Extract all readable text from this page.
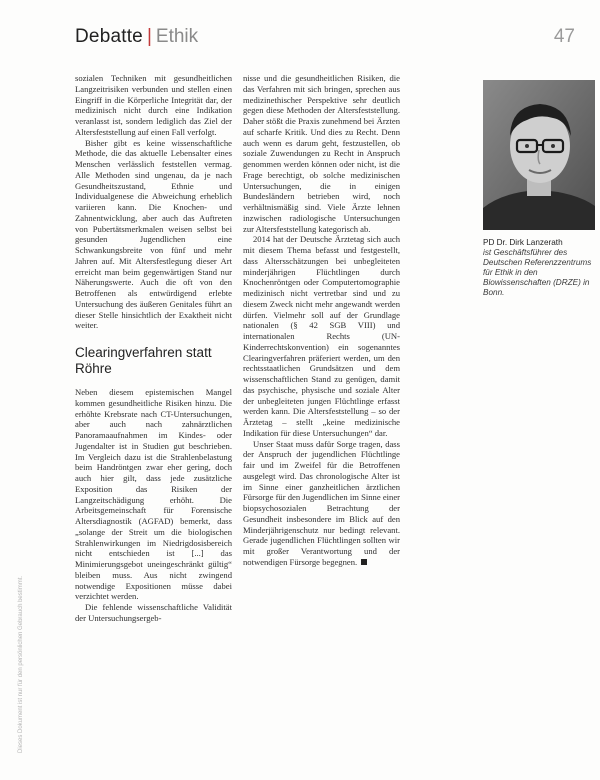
Debatte | Ethik	47

sozialen Techniken mit gesundheitlichen Langzeitrisiken verbunden und stellen einen Eingriff in die Körperliche Integrität dar, der medizinisch nicht durch eine Indikation veranlasst ist, sondern lediglich das Ziel der Altersfeststellung auf einen Fall verfolgt.

Bisher gibt es keine wissenschaftliche Methode, die das aktuelle Lebensalter eines Menschen verlässlich feststellen vermag. Alle Methoden sind ungenau, da je nach Gesundheitszustand, Ethnie und Individualgenese die Abweichung erheblich variieren kann. Die Knochen- und Zahnentwicklung, aber auch das Auftreten von Pubertätsmerkmalen weisen selbst bei gesunden Jugendlichen eine Schwankungsbreite von fünf und mehr Jahren auf. Mit Altersfestlegung dieser Art erreicht man beim gegenwärtigen Stand nur Näherungswerte. Auch die oft von den Betroffenen als entwürdigend erlebte Untersuchung des äußeren Genitales führt an dieser Stelle hinsichtlich der Exaktheit nicht weiter.

Clearingverfahren statt Röhre

Neben diesem epistemischen Mangel kommen gesundheitliche Risiken hinzu. Die erhöhte Krebsrate nach CT-Untersuchungen, aber auch nach zahnärztlichen Panoramaaufnahmen im Kindes- oder Jugendalter ist in Studien gut beschrieben. Im Vergleich dazu ist die Strahlenbelastung beim Handröntgen zwar eher gering, doch auch hier gilt, dass jede zusätzliche Exposition das Risiken der Langzeitschädigung erhöht. Die Arbeitsgemeinschaft für Forensische Altersdiagnostik (AGFAD) bemerkt, dass „solange der Streit um die biologischen Strahlenwirkungen im Niedrigdosisbereich nicht entschieden ist [...] das Minimierungsgebot uneingeschränkt gültig“ bleiben muss. Aus nicht zwingend notwendige Expositionen müsse dabei verzichtet werden.

Die fehlende wissenschaftliche Validität der Untersuchungsergeb-

nisse und die gesundheitlichen Risiken, die das Verfahren mit sich bringen, sprechen aus medizinethischer Perspektive sehr deutlich gegen diese Methoden der Altersfeststellung. Daher stößt die Praxis zunehmend bei Ärzten auf scharfe Kritik. Und dies zu Recht. Denn auch wenn es darum geht, festzustellen, ob soziale Zuwendungen zu Recht in Anspruch genommen werden können oder nicht, ist die Frage berechtigt, ob solche medizinischen Untersuchungen, die in einigen Bundesländern betrieben wird, noch verhältnismäßig sind. Viele Ärzte lehnen inzwischen radiologische Untersuchungen zur Altersfeststellung kategorisch ab.

2014 hat der Deutsche Ärztetag sich auch mit diesem Thema befasst und festgestellt, dass Altersschätzungen bei unbegleiteten minderjährigen Flüchtlingen durch Knochenröntgen oder Computertomographie medizinisch nicht vertretbar sind und zu diesem Zweck nicht mehr angewandt werden dürfen. Vielmehr soll auf der Grundlage nationalen (§ 42 SGB VIII) und internationalen Rechts (UN-Kinderrechtskonvention) ein sogenanntes Clearingverfahren präferiert werden, um den rechtsstaatlichen Grundsätzen und dem wissenschaftlichen Stand zu genügen, damit das psychische, physische und soziale Alter der unbegleiteten jungen Flüchtlinge erfasst werden kann. Die Altersfeststellung – so der Ärztetag – stellt „keine medizinische Indikation für diese Untersuchungen“ dar.

Unser Staat muss dafür Sorge tragen, dass der Anspruch der jugendlichen Flüchtlinge fair und im Zweifel für die Betroffenen ausgelegt wird. Das chronologische Alter ist im Sinne einer ganzheitlichen ärztlichen Fürsorge für den Jugendlichen im Sinne einer biopsychosozialen Betrachtung der Gesundheit insbesondere im Blick auf den Minderjährigenschutz nur bedingt relevant. Gerade jugendlichen Flüchtlingen sollten wir mit großer Verantwortung und der notwendigen Fürsorge begegnen.

PD Dr. Dirk Lanzerath
ist Geschäftsführer des Deutschen Referenzzentrums für Ethik in den Biowissenschaften (DRZE) in Bonn.
Dieses Dokument ist nur für den persönlichen Gebrauch bestimmt.
